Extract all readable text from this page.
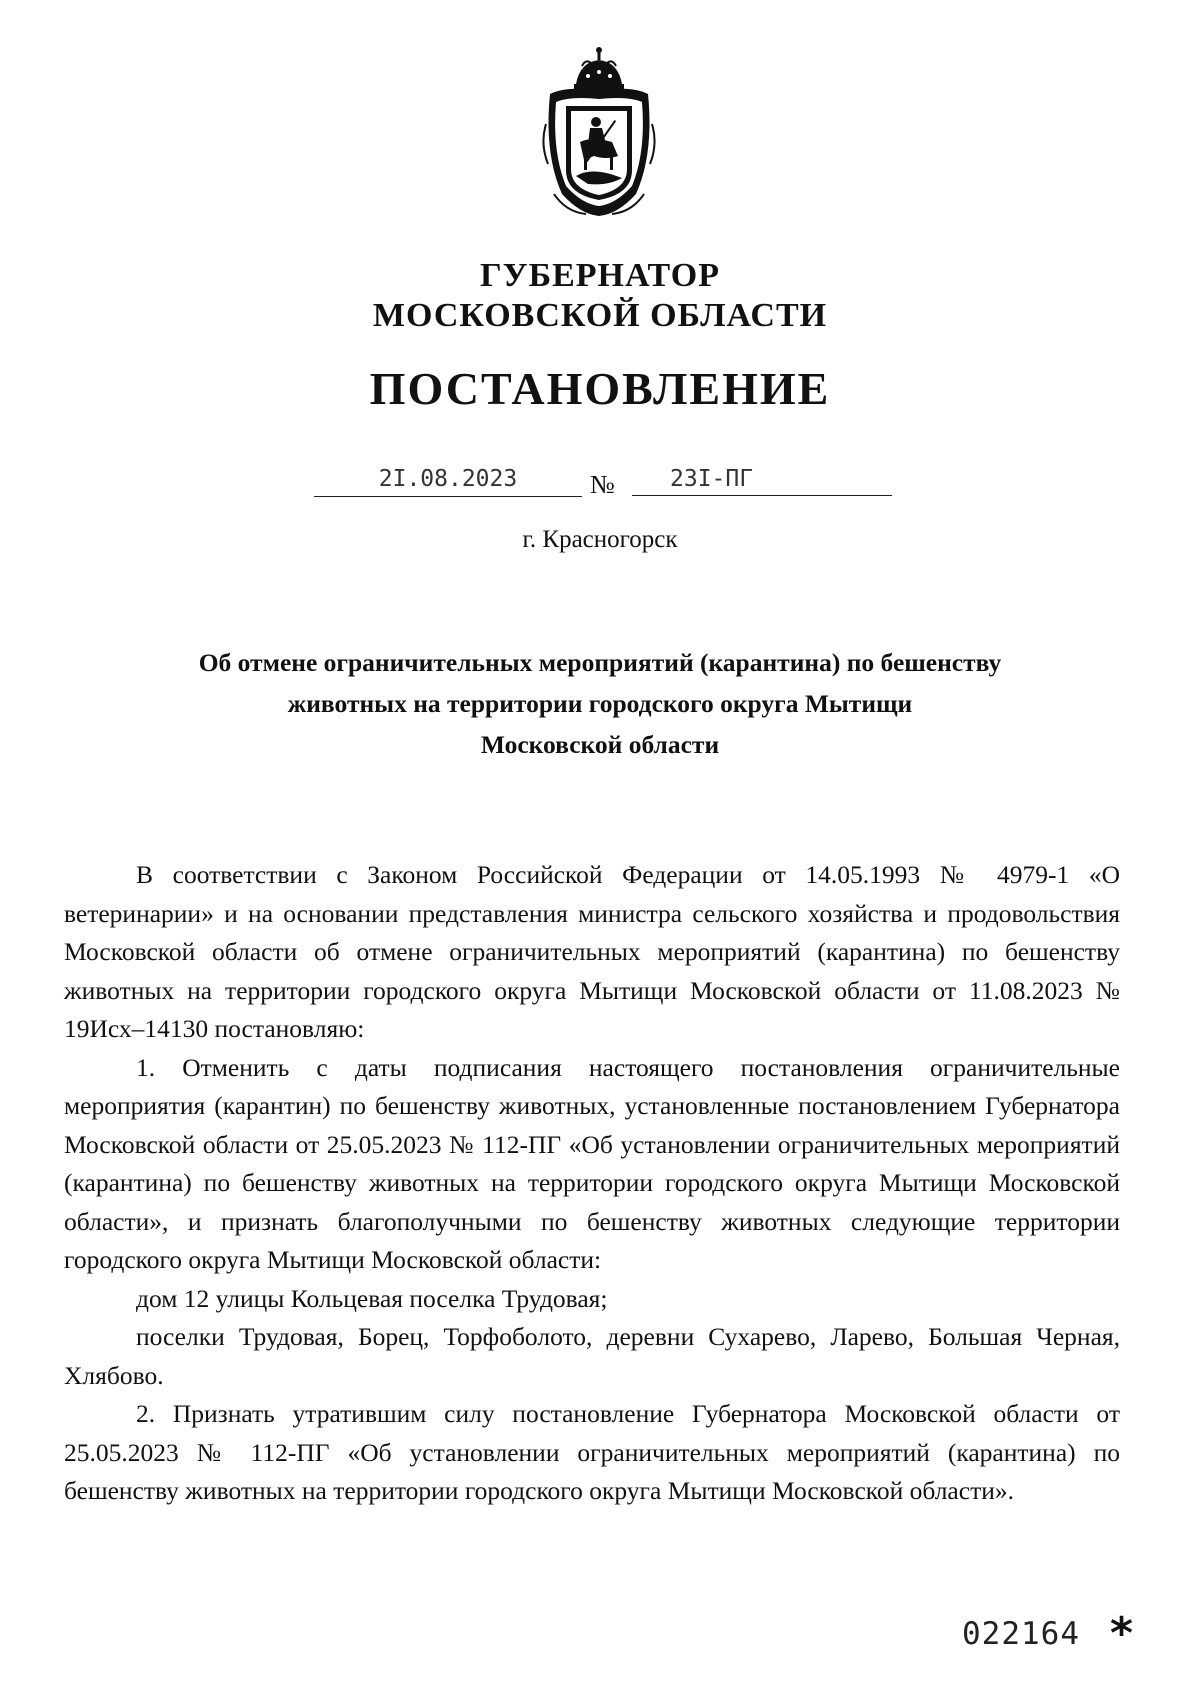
ГУБЕРНАТОР
МОСКОВСКОЙ ОБЛАСТИ
ПОСТАНОВЛЕНИЕ
2I.08.2023	№	23I-ПГ
г. Красногорск
Об отмене ограничительных мероприятий (карантина) по бешенству
животных на территории городского округа Мытищи
Московской области

В соответствии с Законом Российской Федерации от 14.05.1993 № 4979-1 «О ветеринарии» и на основании представления министра сельского хозяйства и продовольствия Московской области об отмене ограничительных мероприятий (карантина) по бешенству животных на территории городского округа Мытищи Московской области от 11.08.2023 № 19Исх–14130 постановляю:

1. Отменить с даты подписания настоящего постановления ограничительные мероприятия (карантин) по бешенству животных, установленные постановлением Губернатора Московской области от 25.05.2023 № 112-ПГ «Об установлении ограничительных мероприятий (карантина) по бешенству животных на территории городского округа Мытищи Московской области», и признать благополучными по бешенству животных следующие территории городского округа Мытищи Московской области:

дом 12 улицы Кольцевая поселка Трудовая;

поселки Трудовая, Борец, Торфоболото, деревни Сухарево, Ларево, Большая Черная, Хлябово.

2. Признать утратившим силу постановление Губернатора Московской области от 25.05.2023 № 112-ПГ «Об установлении ограничительных мероприятий (карантина) по бешенству животных на территории городского округа Мытищи Московской области».

022164 *
